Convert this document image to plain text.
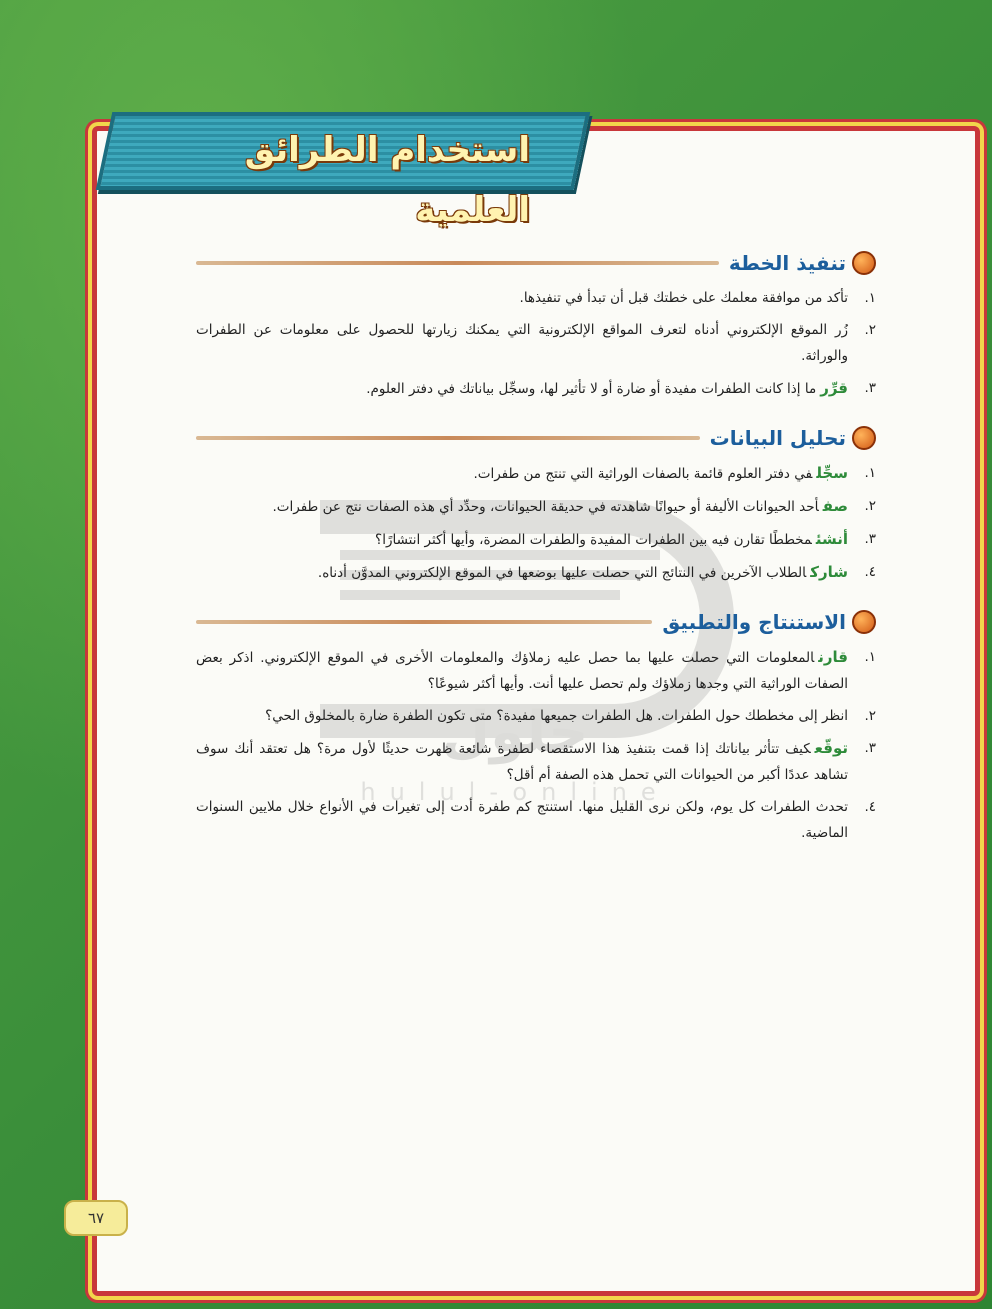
استخدام الطرائق العلمية
حلول
hulul-online
تنفيذ الخطة
١.
تأكد من موافقة معلمك على خطتك قبل أن تبدأ في تنفيذها.
٢.
زُر الموقع الإلكتروني أدناه لتعرف المواقع الإلكترونية التي يمكنك زيارتها للحصول على معلومات عن الطفرات والوراثة.
٣.
قرِّرما إذا كانت الطفرات مفيدة أو ضارة أو لا تأثير لها، وسجِّل بياناتك في دفتر العلوم.
تحليل البيانات
١.
سجِّلفي دفتر العلوم قائمة بالصفات الوراثية التي تنتج من طفرات.
٢.
صفأحد الحيوانات الأليفة أو حيوانًا شاهدته في حديقة الحيوانات، وحدِّد أي هذه الصفات نتج عن طفرات.
٣.
أنشئمخططًا تقارن فيه بين الطفرات المفيدة والطفرات المضرة، وأيها أكثر انتشارًا؟
٤.
شاركالطلاب الآخرين في النتائج التي حصلت عليها بوضعها في الموقع الإلكتروني المدوَّن أدناه.
الاستنتاج والتطبيق
١.
قارنالمعلومات التي حصلت عليها بما حصل عليه زملاؤك والمعلومات الأخرى في الموقع الإلكتروني. اذكر بعض الصفات الوراثية التي وجدها زملاؤك ولم تحصل عليها أنت. وأيها أكثر شيوعًا؟
٢.
انظر إلى مخططك حول الطفرات. هل الطفرات جميعها مفيدة؟ متى تكون الطفرة ضارة بالمخلوق الحي؟
٣.
توقّعكيف تتأثر بياناتك إذا قمت بتنفيذ هذا الاستقصاء لطفرة شائعة ظهرت حديثًا لأول مرة؟ هل تعتقد أنك سوف تشاهد عددًا أكبر من الحيوانات التي تحمل هذه الصفة أم أقل؟
٤.
تحدث الطفرات كل يوم، ولكن نرى القليل منها. استنتج كم طفرة أدت إلى تغيرات في الأنواع خلال ملايين السنوات الماضية.
٦٧
